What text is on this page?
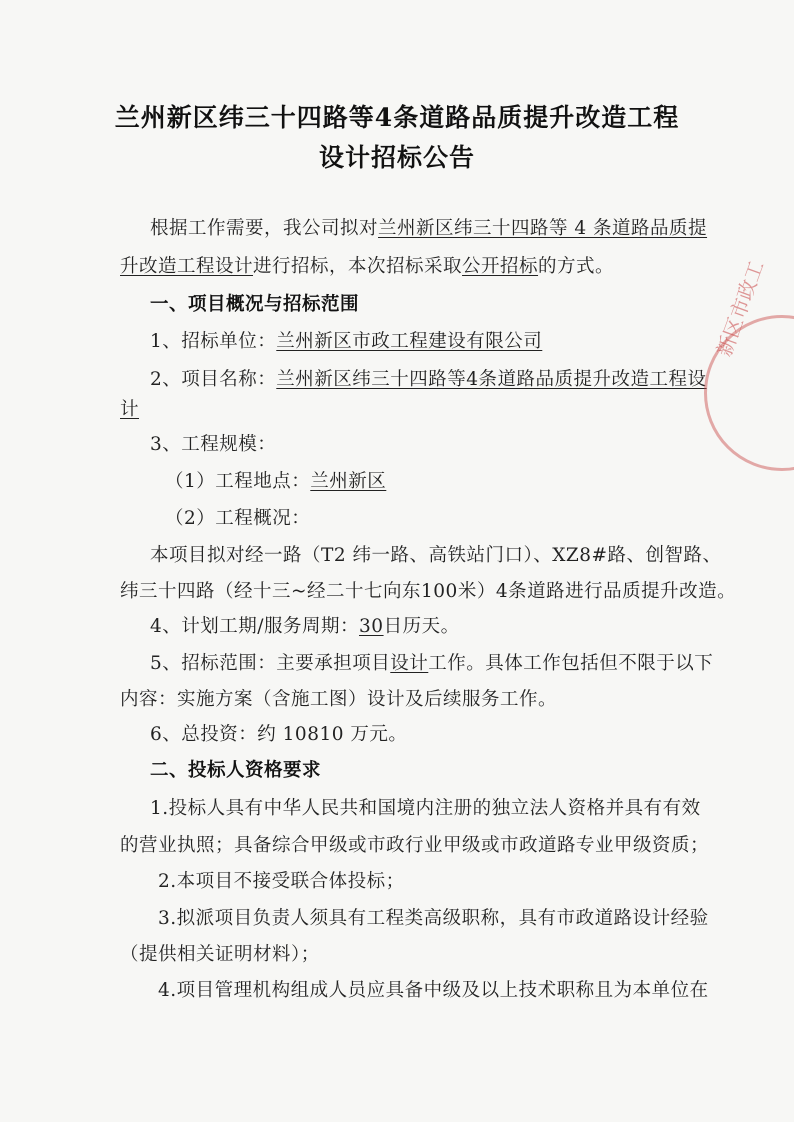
兰州新区纬三十四路等4条道路品质提升改造工程
设计招标公告
根据工作需要，我公司拟对兰州新区纬三十四路等 4 条道路品质提
升改造工程设计进行招标，本次招标采取公开招标的方式。
一、项目概况与招标范围
1、招标单位：兰州新区市政工程建设有限公司
2、项目名称：兰州新区纬三十四路等4条道路品质提升改造工程设
计
3、工程规模：
（1）工程地点：兰州新区
（2）工程概况：
本项目拟对经一路（T2 纬一路、高铁站门口）、XZ8#路、创智路、
纬三十四路（经十三~经二十七向东100米）4条道路进行品质提升改造。
4、计划工期/服务周期：30日历天。
5、招标范围：主要承担项目设计工作。具体工作包括但不限于以下
内容：实施方案（含施工图）设计及后续服务工作。
6、总投资：约 10810 万元。
二、投标人资格要求
1.投标人具有中华人民共和国境内注册的独立法人资格并具有有效
的营业执照；具备综合甲级或市政行业甲级或市政道路专业甲级资质；
2.本项目不接受联合体投标；
3.拟派项目负责人须具有工程类高级职称，具有市政道路设计经验
（提供相关证明材料）；
4.项目管理机构组成人员应具备中级及以上技术职称且为本单位在
新区市政工
